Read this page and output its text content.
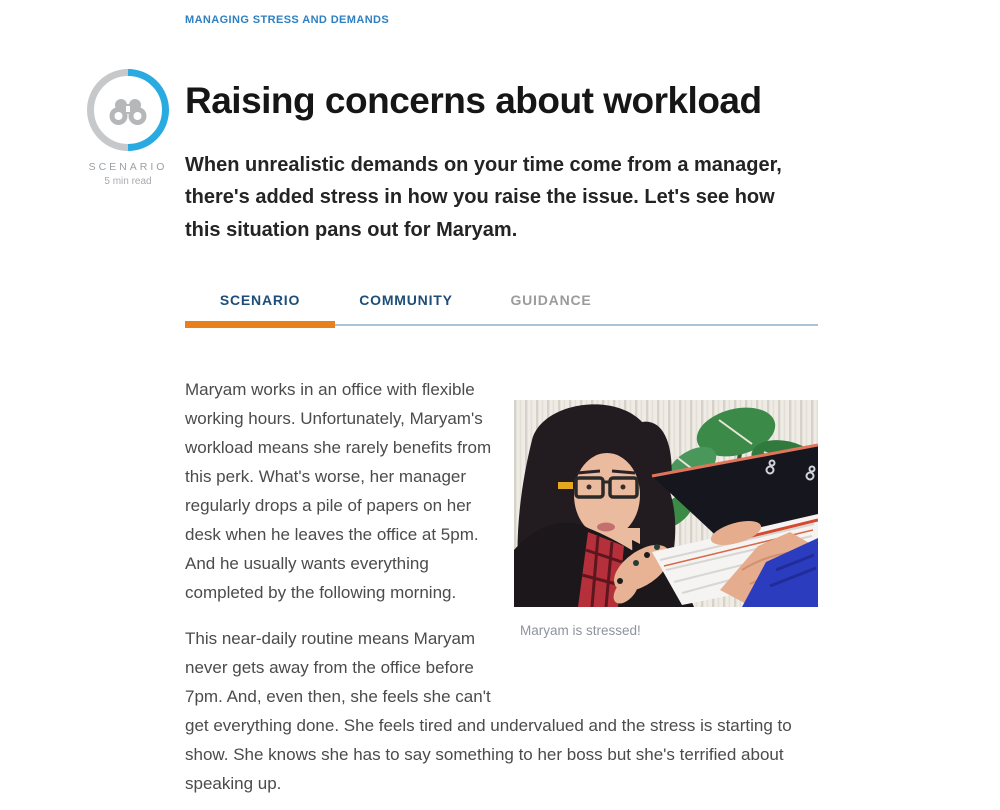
MANAGING STRESS AND DEMANDS
SCENARIO
5 min read
Raising concerns about workload
When unrealistic demands on your time come from a manager, there's added stress in how you raise the issue. Let's see how this situation pans out for Maryam.
SCENARIO	COMMUNITY	GUIDANCE
Maryam is stressed!

Maryam works in an office with flexible working hours. Unfortunately, Maryam's workload means she rarely benefits from this perk. What's worse, her manager regularly drops a pile of papers on her desk when he leaves the office at 5pm. And he usually wants everything completed by the following morning.

This near-daily routine means Maryam never gets away from the office before 7pm. And, even then, she feels she can't get everything done. She feels tired and undervalued and the stress is starting to show. She knows she has to say something to her boss but she's terrified about speaking up.
